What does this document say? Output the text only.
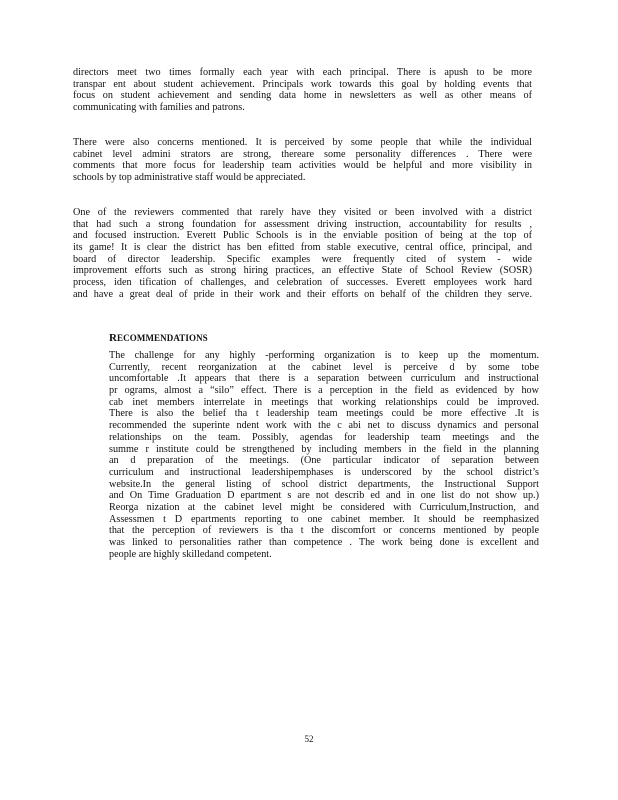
directors meet two times formally each year with each principal. There is apush to be more
transpar ent about student achievement. Principals work towards this goal by holding events that
focus on student achievement and sending data home in newsletters as well as other means of
communicating with families and patrons.
There were also concerns mentioned. It is perceived by some people that while the individual
cabinet level admini strators are strong, thereare some personality differences . There were
comments that more focus for leadership team activities would be helpful and more visibility in
schools by top administrative staff would be appreciated.
One of the reviewers commented that rarely have they visited or been involved with a district
that had such a strong foundation for assessment driving instruction, accountability for results ,
and focused instruction. Everett Public Schools is in the enviable position of being at the top of
its game! It is clear the district has ben efitted from stable executive, central office, principal, and
board of director leadership. Specific examples were frequently cited of system - wide
improvement efforts such as strong hiring practices, an effective State of School Review (SOSR)
process, iden tification of challenges, and celebration of successes. Everett employees work hard
and have a great deal of pride in their work and their efforts on behalf of the children they serve.
RECOMMENDATIONS
The challenge for any highly -performing organization is to keep up the momentum.
Currently, recent reorganization at the cabinet level is perceive d by some tobe
uncomfortable .It appears that there is a separation between curriculum and instructional
pr ograms, almost a “silo” effect. There is a perception in the field as evidenced by how
cab inet members interrelate in meetings that working relationships could be improved.
There is also the belief tha t leadership team meetings could be more effective .It is
recommended the superinte ndent work with the c abi net to discuss dynamics and personal
relationships on the team. Possibly, agendas for leadership team meetings and the
summe r institute could be strengthened by including members in the field in the planning
an d preparation of the meetings. (One particular indicator of separation between
curriculum and instructional leadershipemphases is underscored by the school district’s
website.In the general listing of school district departments, the Instructional Support
and On Time Graduation D epartment s are not describ ed and in one list do not show up.)
Reorga nization at the cabinet level might be considered with Curriculum,Instruction, and
Assessmen t D epartments reporting to one cabinet member. It should be reemphasized
that the perception of reviewers is tha t the discomfort or concerns mentioned by people
was linked to personalities rather than competence . The work being done is excellent and
people are highly skilledand competent.
52
